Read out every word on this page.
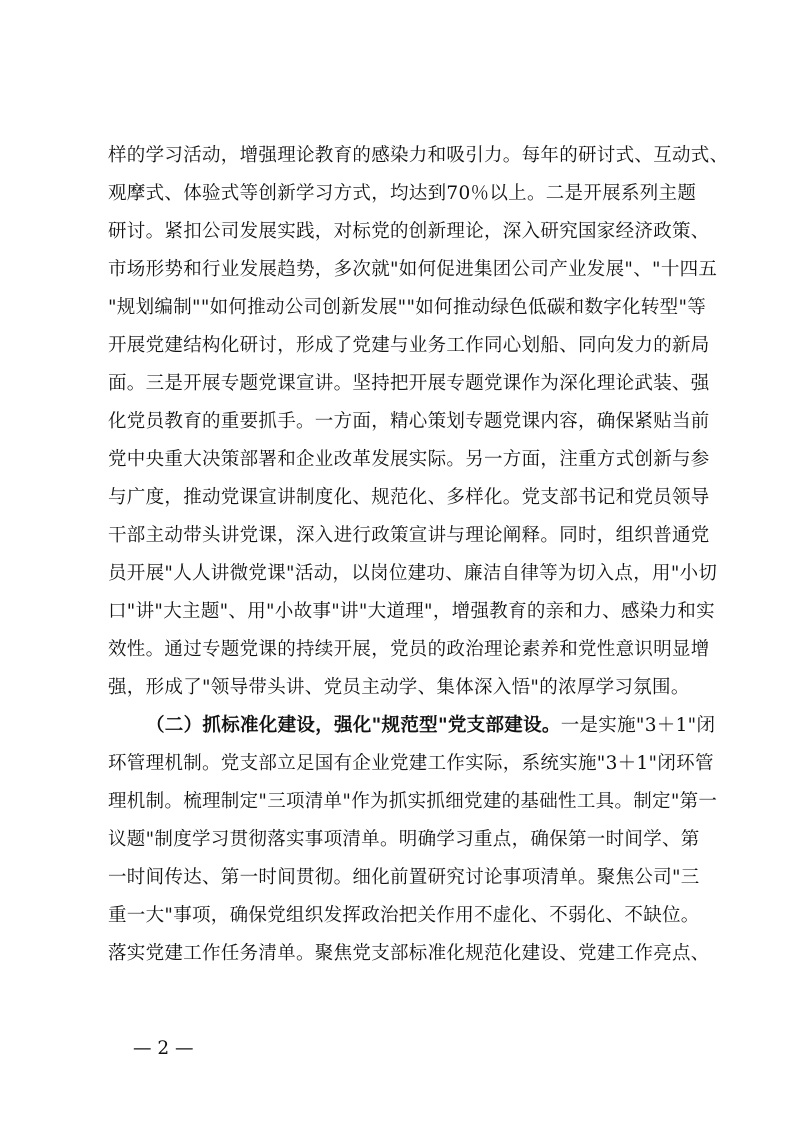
样的学习活动，增强理论教育的感染力和吸引力。每年的研讨式、互动式、
观摩式、体验式等创新学习方式，均达到70％以上。二是开展系列主题
研讨。紧扣公司发展实践，对标党的创新理论，深入研究国家经济政策、
市场形势和行业发展趋势，多次就"如何促进集团公司产业发展"、"十四五
"规划编制""如何推动公司创新发展""如何推动绿色低碳和数字化转型"等
开展党建结构化研讨，形成了党建与业务工作同心划船、同向发力的新局
面。三是开展专题党课宣讲。坚持把开展专题党课作为深化理论武装、强
化党员教育的重要抓手。一方面，精心策划专题党课内容，确保紧贴当前
党中央重大决策部署和企业改革发展实际。另一方面，注重方式创新与参
与广度，推动党课宣讲制度化、规范化、多样化。党支部书记和党员领导
干部主动带头讲党课，深入进行政策宣讲与理论阐释。同时，组织普通党
员开展"人人讲微党课"活动，以岗位建功、廉洁自律等为切入点，用"小切
口"讲"大主题"、用"小故事"讲"大道理"，增强教育的亲和力、感染力和实
效性。通过专题党课的持续开展，党员的政治理论素养和党性意识明显增
强，形成了"领导带头讲、党员主动学、集体深入悟"的浓厚学习氛围。
（二）抓标准化建设，强化"规范型"党支部建设。一是实施"3＋1"闭
环管理机制。党支部立足国有企业党建工作实际，系统实施"3＋1"闭环管
理机制。梳理制定"三项清单"作为抓实抓细党建的基础性工具。制定"第一
议题"制度学习贯彻落实事项清单。明确学习重点，确保第一时间学、第
一时间传达、第一时间贯彻。细化前置研究讨论事项清单。聚焦公司"三
重一大"事项，确保党组织发挥政治把关作用不虚化、不弱化、不缺位。
落实党建工作任务清单。聚焦党支部标准化规范化建设、党建工作亮点、
— 2 —
